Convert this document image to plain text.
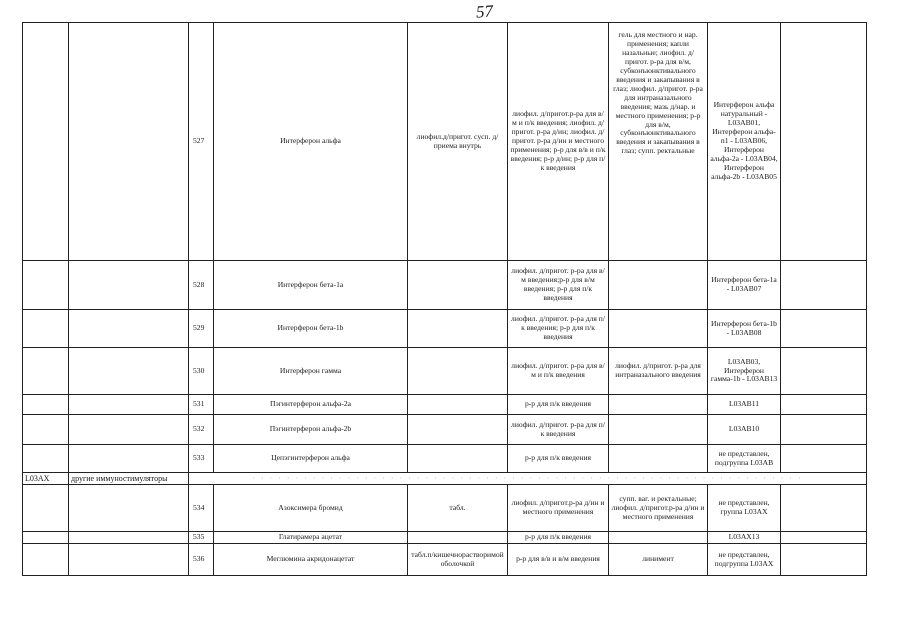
57
		527	Интерферон альфа	лиофил.д/пригот. сусп. д/приема внутрь	лиофил. д/пригот.р-ра для в/м и п/к введения; лиофил. д/пригот. р-ра д/ин; лиофил. д/пригот. р-ра д/ин и местного применения; р-р для в/в и п/к введения; р-р д/ин; р-р для п/к введения	гель для местного и нар. применения; капли назальные; лиофил. д/пригот. р-ра для в/м, субконъюнктивального введения и закапывания в глаз; лиофил. д/пригот. р-ра для интраназального введения; мазь д/нар. и местного применения; р-р для в/м, субконъюнктивального введения и закапывания в глаз; супп. ректальные	Интерферон альфа натуральный - L03AB01, Интерферон альфа-n1 - L03AB06, Интерферон альфа-2а - L03AB04, Интерферон альфа-2b - L03AB05	
		528	Интерферон бета-1a		лиофил. д/пригот. р-ра для в/м введения;р-р для в/м введения; р-р для п/к введения		Интерферон бета-1а - L03AB07	
		529	Интерферон бета-1b		лиофил. д/пригот. р-ра для п/к введения; р-р для п/к введения		Интерферон бета-1b - L03AB08	
		530	Интерферон гамма		лиофил. д/пригот. р-ра для в/м и п/к введения	лиофил. д/пригот. р-ра для интраназального введения	L03AB03, Интерферон гамма-1b - L03AB13	
		531	Пэгинтерферон альфа-2a		р-р для п/к введения		L03AB11	
		532	Пэгинтерферон альфа-2b		лиофил. д/пригот. р-ра для п/к введения		L03AB10	
		533	Цепэгинтерферон альфа		р-р для п/к введения		не представлен, подгруппа L03AB	
L03AX	другие иммуностимуляторы	· · · · · · · · · · · · · · · · · · · · · · · · · · · · · · · · · · · · · · · · · · · · · · · · · · · · · · · · · · · · · · · ·						
		534	Азоксимера бромид	табл.	лиофил. д/пригот.р-ра д/ин и местного применения	супп. ваг. и ректальные; лиофил. д/пригот.р-ра д/ин и местного применения	не представлен, группа L03AX	
		535	Глатирамера ацетат		р-р для п/к введения		L03AX13	
		536	Меглюмина акридонацетат	табл.п/кишечнорастворимой оболочкой	р-р для в/в и в/м введения	линимент	не представлен, подгруппа L03AX	
